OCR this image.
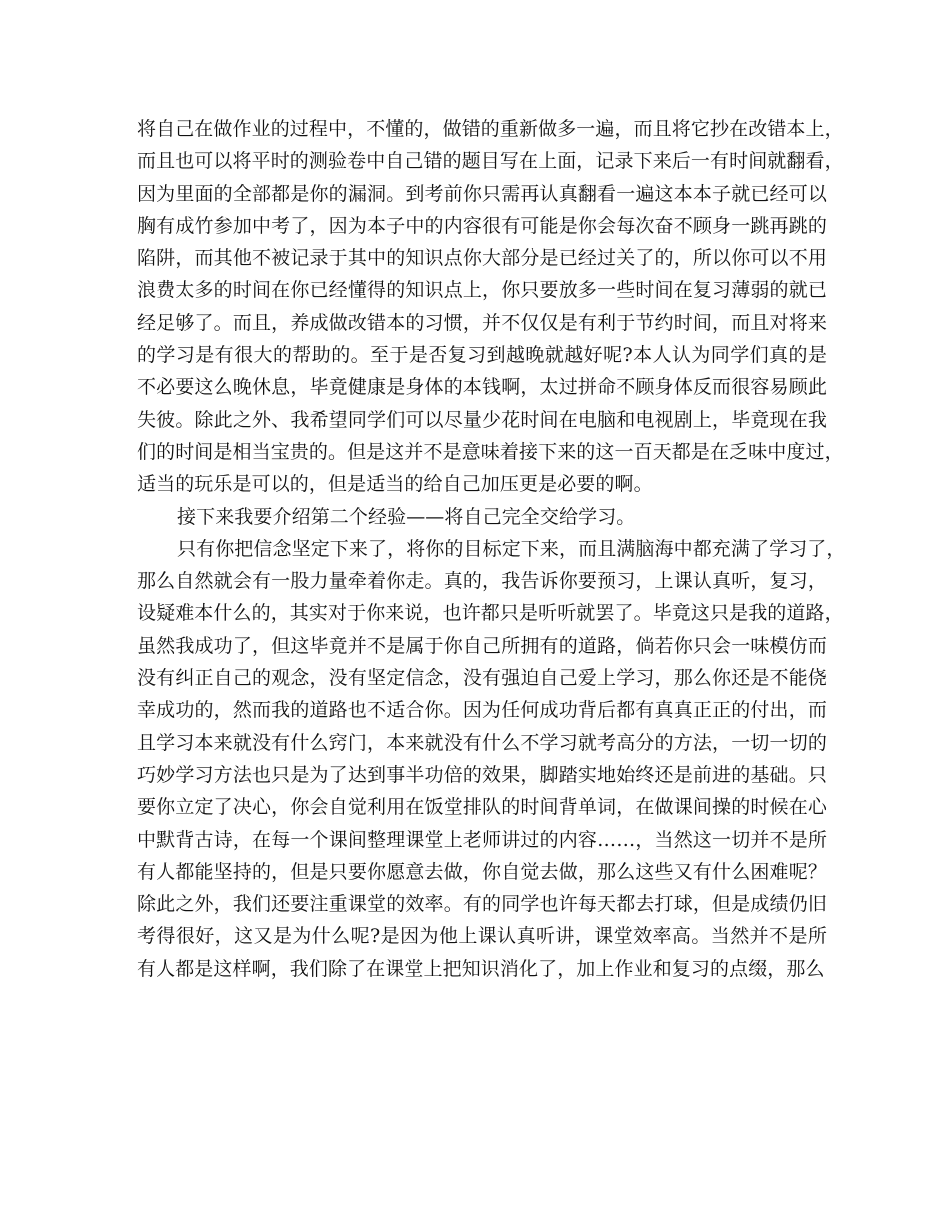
将自己在做作业的过程中，不懂的，做错的重新做多一遍，而且将它抄在改错本上，
而且也可以将平时的测验卷中自己错的题目写在上面，记录下来后一有时间就翻看，
因为里面的全部都是你的漏洞。到考前你只需再认真翻看一遍这本本子就已经可以
胸有成竹参加中考了，因为本子中的内容很有可能是你会每次奋不顾身一跳再跳的
陷阱，而其他不被记录于其中的知识点你大部分是已经过关了的，所以你可以不用
浪费太多的时间在你已经懂得的知识点上，你只要放多一些时间在复习薄弱的就已
经足够了。而且，养成做改错本的习惯，并不仅仅是有利于节约时间，而且对将来
的学习是有很大的帮助的。至于是否复习到越晚就越好呢?本人认为同学们真的是
不必要这么晚休息，毕竟健康是身体的本钱啊，太过拼命不顾身体反而很容易顾此
失彼。除此之外、我希望同学们可以尽量少花时间在电脑和电视剧上，毕竟现在我
们的时间是相当宝贵的。但是这并不是意味着接下来的这一百天都是在乏味中度过，
适当的玩乐是可以的，但是适当的给自己加压更是必要的啊。
接下来我要介绍第二个经验——将自己完全交给学习。
只有你把信念坚定下来了，将你的目标定下来，而且满脑海中都充满了学习了，
那么自然就会有一股力量牵着你走。真的，我告诉你要预习，上课认真听，复习，
设疑难本什么的，其实对于你来说，也许都只是听听就罢了。毕竟这只是我的道路，
虽然我成功了，但这毕竟并不是属于你自己所拥有的道路，倘若你只会一味模仿而
没有纠正自己的观念，没有坚定信念，没有强迫自己爱上学习，那么你还是不能侥
幸成功的，然而我的道路也不适合你。因为任何成功背后都有真真正正的付出，而
且学习本来就没有什么窍门，本来就没有什么不学习就考高分的方法，一切一切的
巧妙学习方法也只是为了达到事半功倍的效果，脚踏实地始终还是前进的基础。只
要你立定了决心，你会自觉利用在饭堂排队的时间背单词，在做课间操的时候在心
中默背古诗，在每一个课间整理课堂上老师讲过的内容……，当然这一切并不是所
有人都能坚持的，但是只要你愿意去做，你自觉去做，那么这些又有什么困难呢？
除此之外，我们还要注重课堂的效率。有的同学也许每天都去打球，但是成绩仍旧
考得很好，这又是为什么呢?是因为他上课认真听讲，课堂效率高。当然并不是所
有人都是这样啊，我们除了在课堂上把知识消化了，加上作业和复习的点缀，那么
